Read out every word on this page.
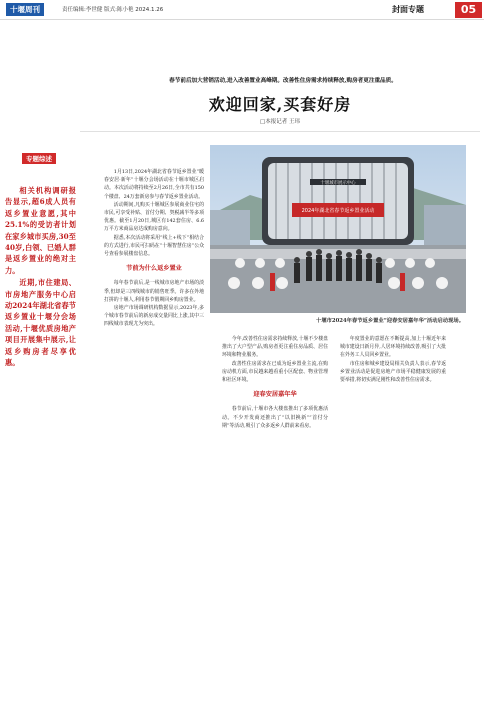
十堰周刊	责任编辑:李世健 版式:陈小艳 2024.1.26	封面专题	05
春节前后加大营销活动,进入改善置业高峰期。改善性住房需求持续释放,购房者更注重品质。
欢迎回家,买套好房
□本报记者 王玮
专题综述

相关机构调研报告显示,超6成人员有返乡置业意愿,其中25.1%的受访者计划在家乡城市买房,30至40岁,白领、已婚人群是返乡置业的绝对主力。

近期,市住建局、市房地产服务中心启动2024年湖北省春节返乡置业十堰分会场活动,十堰优质房地产项目开展集中展示,让返乡购房者尽享优惠。

1月13日,2024年湖北省春节返乡置业“暖春安居·新年”十堰分会场活动在十堰市城区启动。本次活动将持续至2月26日,全市共有150个楼盘、24万套新房参与春节返乡置业活动。

活动期间,凡购买十堰城区参展商业住宅的市民,可享受补贴、首付分期、契税减半等多项优惠。截至1月20日,城区有142套住房、6.6万平方米商品房达成购房意向。

据悉,本次活动将采用“线上+线下”相结合的方式进行,市民可扫码在“十堰智慧住房”公众号查看参展楼盘信息。

节前为什么返乡置业

每年春节前后,是一线城市房地产市场的淡季,但却是三四线城市的销售旺季。许多在外地打拼的十堰人,利用春节假期回乡购房置业。

房地产市场调研机构数据显示,2023年,多个城市春节前后的新房成交量同比上涨,其中三四线城市表现尤为突出。

十堰城市展示中心
2024年湖北省春节返乡置业活动
十堰市2024年春节返乡置业“迎春安居嘉年华”活动启动现场。

今年,改善性住房需求持续释放,十堰不少楼盘推出了大户型产品,购房者更注重住房品质、居住环境和物业服务。

改善性住房需求在已成为返乡置业主流,在购房动机方面,市民越来越看重小区配套、物业管理和社区环境。

迎春安居嘉年华

春节前后,十堰市各大楼盘推出了多项优惠活动。不少开发商还推出了“以旧换新”“首付分期”等活动,吸引了众多返乡人群前来看房。

年度置业的意愿在不断提高,加上十堰近年来城市建设日新月异,人居环境持续改善,吸引了大批在外务工人员回乡置业。

市住房和城乡建设局相关负责人表示,春节返乡置业活动是促进房地产市场平稳健康发展的重要举措,将切实满足刚性和改善性住房需求。
